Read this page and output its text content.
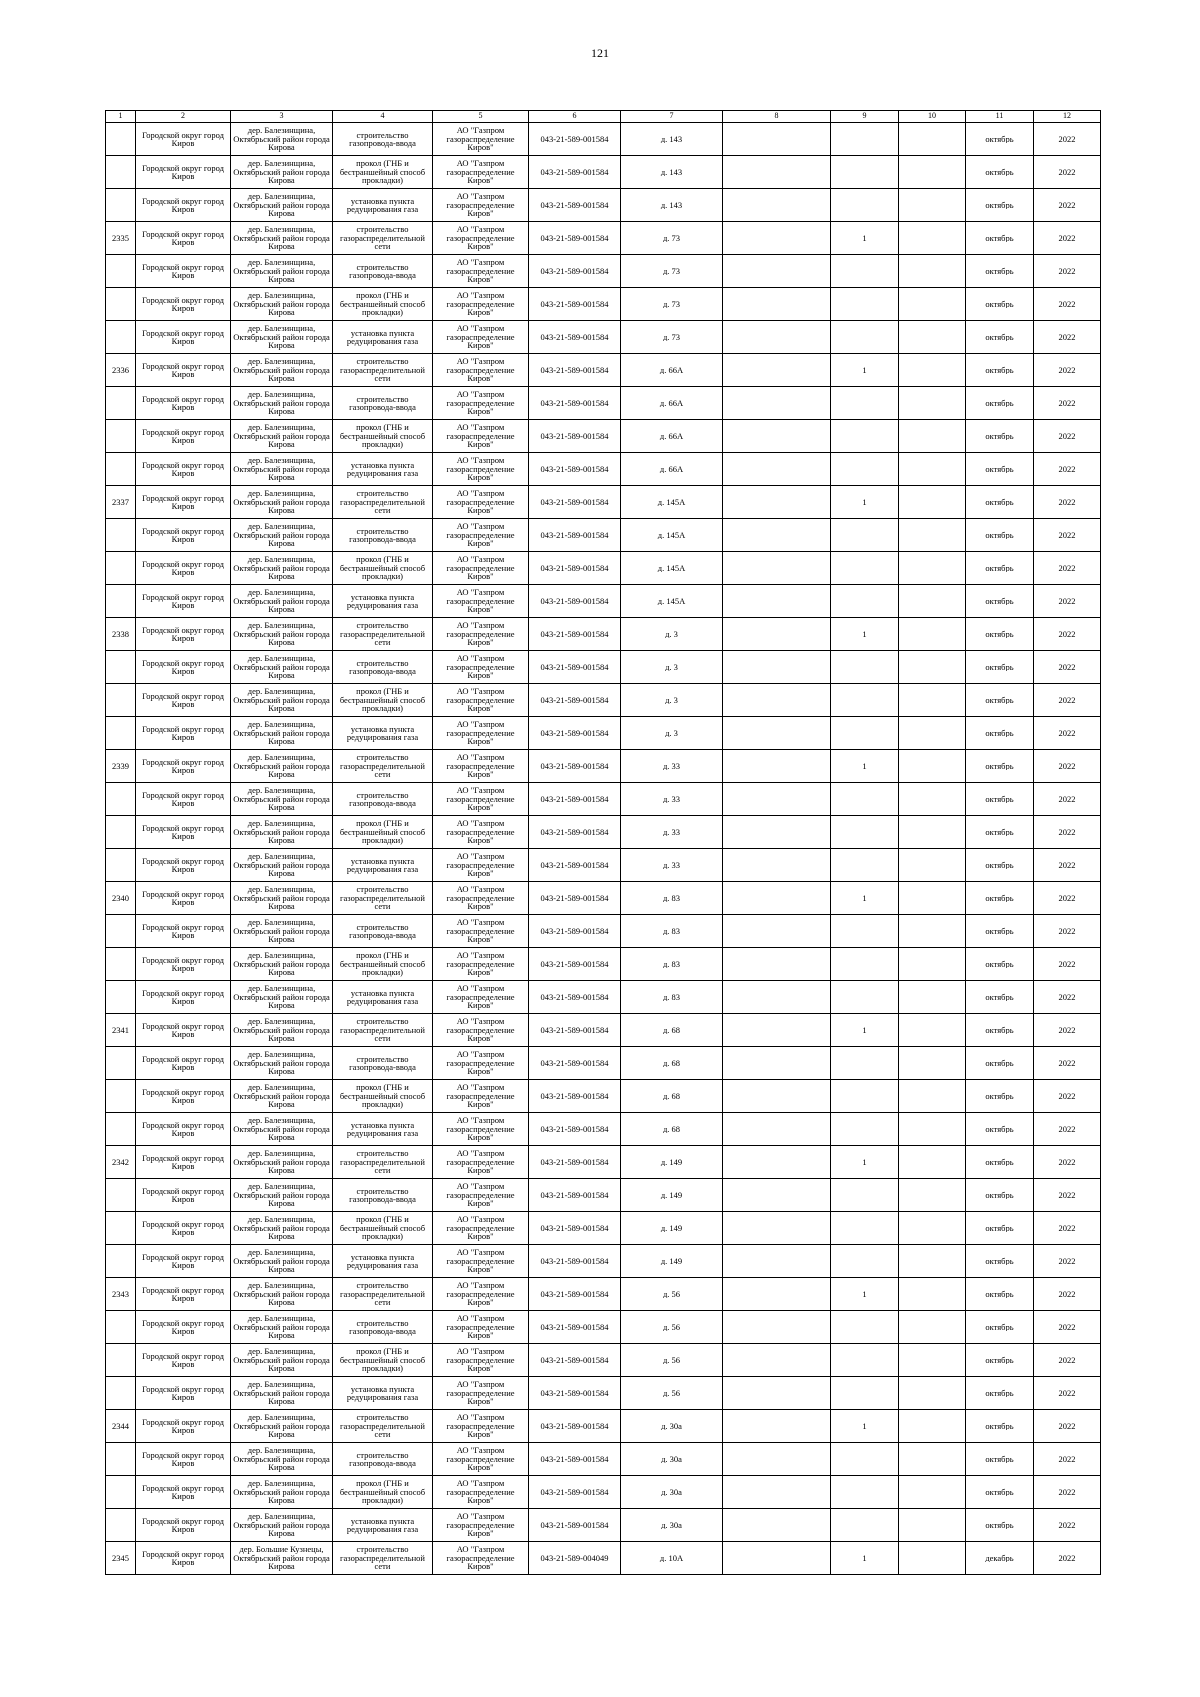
121
1	2	3	4	5	6	7	8	9	10	11	12

	Городской округ город Киров	дер. Балезинщина, Октябрьский район города Кирова	строительство газопровода-ввода	АО "Газпром газораспределение Киров"	043-21-589-001584	д. 143				октябрь	2022

	Городской округ город Киров	дер. Балезинщина, Октябрьский район города Кирова	прокол (ГНБ и бестраншейный способ прокладки)	АО "Газпром газораспределение Киров"	043-21-589-001584	д. 143				октябрь	2022

	Городской округ город Киров	дер. Балезинщина, Октябрьский район города Кирова	установка пункта редуцирования газа	АО "Газпром газораспределение Киров"	043-21-589-001584	д. 143				октябрь	2022

2335	Городской округ город Киров	дер. Балезинщина, Октябрьский район города Кирова	строительство газораспределительной сети	АО "Газпром газораспределение Киров"	043-21-589-001584	д. 73		1		октябрь	2022

	Городской округ город Киров	дер. Балезинщина, Октябрьский район города Кирова	строительство газопровода-ввода	АО "Газпром газораспределение Киров"	043-21-589-001584	д. 73				октябрь	2022

	Городской округ город Киров	дер. Балезинщина, Октябрьский район города Кирова	прокол (ГНБ и бестраншейный способ прокладки)	АО "Газпром газораспределение Киров"	043-21-589-001584	д. 73				октябрь	2022

	Городской округ город Киров	дер. Балезинщина, Октябрьский район города Кирова	установка пункта редуцирования газа	АО "Газпром газораспределение Киров"	043-21-589-001584	д. 73				октябрь	2022

2336	Городской округ город Киров	дер. Балезинщина, Октябрьский район города Кирова	строительство газораспределительной сети	АО "Газпром газораспределение Киров"	043-21-589-001584	д. 66А		1		октябрь	2022

	Городской округ город Киров	дер. Балезинщина, Октябрьский район города Кирова	строительство газопровода-ввода	АО "Газпром газораспределение Киров"	043-21-589-001584	д. 66А				октябрь	2022

	Городской округ город Киров	дер. Балезинщина, Октябрьский район города Кирова	прокол (ГНБ и бестраншейный способ прокладки)	АО "Газпром газораспределение Киров"	043-21-589-001584	д. 66А				октябрь	2022

	Городской округ город Киров	дер. Балезинщина, Октябрьский район города Кирова	установка пункта редуцирования газа	АО "Газпром газораспределение Киров"	043-21-589-001584	д. 66А				октябрь	2022

2337	Городской округ город Киров	дер. Балезинщина, Октябрьский район города Кирова	строительство газораспределительной сети	АО "Газпром газораспределение Киров"	043-21-589-001584	д. 145А		1		октябрь	2022

	Городской округ город Киров	дер. Балезинщина, Октябрьский район города Кирова	строительство газопровода-ввода	АО "Газпром газораспределение Киров"	043-21-589-001584	д. 145А				октябрь	2022

	Городской округ город Киров	дер. Балезинщина, Октябрьский район города Кирова	прокол (ГНБ и бестраншейный способ прокладки)	АО "Газпром газораспределение Киров"	043-21-589-001584	д. 145А				октябрь	2022

	Городской округ город Киров	дер. Балезинщина, Октябрьский район города Кирова	установка пункта редуцирования газа	АО "Газпром газораспределение Киров"	043-21-589-001584	д. 145А				октябрь	2022

2338	Городской округ город Киров	дер. Балезинщина, Октябрьский район города Кирова	строительство газораспределительной сети	АО "Газпром газораспределение Киров"	043-21-589-001584	д. 3		1		октябрь	2022

	Городской округ город Киров	дер. Балезинщина, Октябрьский район города Кирова	строительство газопровода-ввода	АО "Газпром газораспределение Киров"	043-21-589-001584	д. 3				октябрь	2022

	Городской округ город Киров	дер. Балезинщина, Октябрьский район города Кирова	прокол (ГНБ и бестраншейный способ прокладки)	АО "Газпром газораспределение Киров"	043-21-589-001584	д. 3				октябрь	2022

	Городской округ город Киров	дер. Балезинщина, Октябрьский район города Кирова	установка пункта редуцирования газа	АО "Газпром газораспределение Киров"	043-21-589-001584	д. 3				октябрь	2022

2339	Городской округ город Киров	дер. Балезинщина, Октябрьский район города Кирова	строительство газораспределительной сети	АО "Газпром газораспределение Киров"	043-21-589-001584	д. 33		1		октябрь	2022

	Городской округ город Киров	дер. Балезинщина, Октябрьский район города Кирова	строительство газопровода-ввода	АО "Газпром газораспределение Киров"	043-21-589-001584	д. 33				октябрь	2022

	Городской округ город Киров	дер. Балезинщина, Октябрьский район города Кирова	прокол (ГНБ и бестраншейный способ прокладки)	АО "Газпром газораспределение Киров"	043-21-589-001584	д. 33				октябрь	2022

	Городской округ город Киров	дер. Балезинщина, Октябрьский район города Кирова	установка пункта редуцирования газа	АО "Газпром газораспределение Киров"	043-21-589-001584	д. 33				октябрь	2022

2340	Городской округ город Киров	дер. Балезинщина, Октябрьский район города Кирова	строительство газораспределительной сети	АО "Газпром газораспределение Киров"	043-21-589-001584	д. 83		1		октябрь	2022

	Городской округ город Киров	дер. Балезинщина, Октябрьский район города Кирова	строительство газопровода-ввода	АО "Газпром газораспределение Киров"	043-21-589-001584	д. 83				октябрь	2022

	Городской округ город Киров	дер. Балезинщина, Октябрьский район города Кирова	прокол (ГНБ и бестраншейный способ прокладки)	АО "Газпром газораспределение Киров"	043-21-589-001584	д. 83				октябрь	2022

	Городской округ город Киров	дер. Балезинщина, Октябрьский район города Кирова	установка пункта редуцирования газа	АО "Газпром газораспределение Киров"	043-21-589-001584	д. 83				октябрь	2022

2341	Городской округ город Киров	дер. Балезинщина, Октябрьский район города Кирова	строительство газораспределительной сети	АО "Газпром газораспределение Киров"	043-21-589-001584	д. 68		1		октябрь	2022

	Городской округ город Киров	дер. Балезинщина, Октябрьский район города Кирова	строительство газопровода-ввода	АО "Газпром газораспределение Киров"	043-21-589-001584	д. 68				октябрь	2022

	Городской округ город Киров	дер. Балезинщина, Октябрьский район города Кирова	прокол (ГНБ и бестраншейный способ прокладки)	АО "Газпром газораспределение Киров"	043-21-589-001584	д. 68				октябрь	2022

	Городской округ город Киров	дер. Балезинщина, Октябрьский район города Кирова	установка пункта редуцирования газа	АО "Газпром газораспределение Киров"	043-21-589-001584	д. 68				октябрь	2022

2342	Городской округ город Киров	дер. Балезинщина, Октябрьский район города Кирова	строительство газораспределительной сети	АО "Газпром газораспределение Киров"	043-21-589-001584	д. 149		1		октябрь	2022

	Городской округ город Киров	дер. Балезинщина, Октябрьский район города Кирова	строительство газопровода-ввода	АО "Газпром газораспределение Киров"	043-21-589-001584	д. 149				октябрь	2022

	Городской округ город Киров	дер. Балезинщина, Октябрьский район города Кирова	прокол (ГНБ и бестраншейный способ прокладки)	АО "Газпром газораспределение Киров"	043-21-589-001584	д. 149				октябрь	2022

	Городской округ город Киров	дер. Балезинщина, Октябрьский район города Кирова	установка пункта редуцирования газа	АО "Газпром газораспределение Киров"	043-21-589-001584	д. 149				октябрь	2022

2343	Городской округ город Киров	дер. Балезинщина, Октябрьский район города Кирова	строительство газораспределительной сети	АО "Газпром газораспределение Киров"	043-21-589-001584	д. 56		1		октябрь	2022

	Городской округ город Киров	дер. Балезинщина, Октябрьский район города Кирова	строительство газопровода-ввода	АО "Газпром газораспределение Киров"	043-21-589-001584	д. 56				октябрь	2022

	Городской округ город Киров	дер. Балезинщина, Октябрьский район города Кирова	прокол (ГНБ и бестраншейный способ прокладки)	АО "Газпром газораспределение Киров"	043-21-589-001584	д. 56				октябрь	2022

	Городской округ город Киров	дер. Балезинщина, Октябрьский район города Кирова	установка пункта редуцирования газа	АО "Газпром газораспределение Киров"	043-21-589-001584	д. 56				октябрь	2022

2344	Городской округ город Киров	дер. Балезинщина, Октябрьский район города Кирова	строительство газораспределительной сети	АО "Газпром газораспределение Киров"	043-21-589-001584	д. 30а		1		октябрь	2022

	Городской округ город Киров	дер. Балезинщина, Октябрьский район города Кирова	строительство газопровода-ввода	АО "Газпром газораспределение Киров"	043-21-589-001584	д. 30а				октябрь	2022

	Городской округ город Киров	дер. Балезинщина, Октябрьский район города Кирова	прокол (ГНБ и бестраншейный способ прокладки)	АО "Газпром газораспределение Киров"	043-21-589-001584	д. 30а				октябрь	2022

	Городской округ город Киров	дер. Балезинщина, Октябрьский район города Кирова	установка пункта редуцирования газа	АО "Газпром газораспределение Киров"	043-21-589-001584	д. 30а				октябрь	2022

2345	Городской округ город Киров	дер. Большие Кузнецы, Октябрьский район города Кирова	строительство газораспределительной сети	АО "Газпром газораспределение Киров"	043-21-589-004049	д. 10А		1		декабрь	2022
